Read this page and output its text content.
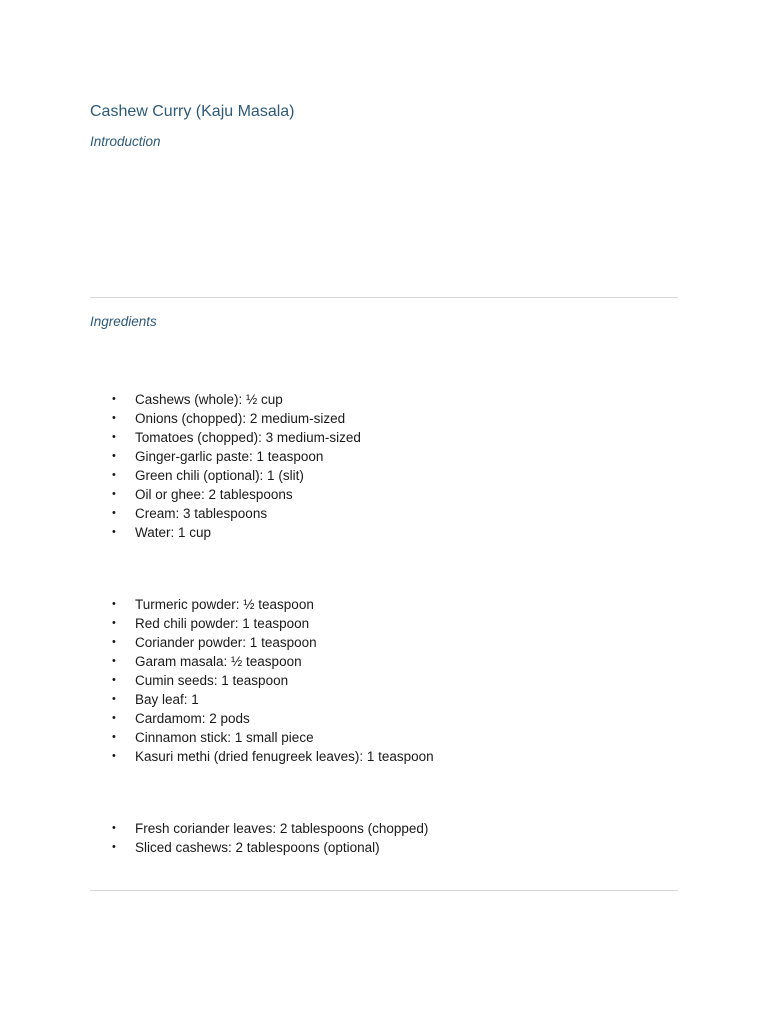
Cashew Curry (Kaju Masala)
Introduction
Ingredients
• Cashews (whole): ½ cup
• Onions (chopped): 2 medium-sized
• Tomatoes (chopped): 3 medium-sized
• Ginger-garlic paste: 1 teaspoon
• Green chili (optional): 1 (slit)
• Oil or ghee: 2 tablespoons
• Cream: 3 tablespoons
• Water: 1 cup
• Turmeric powder: ½ teaspoon
• Red chili powder: 1 teaspoon
• Coriander powder: 1 teaspoon
• Garam masala: ½ teaspoon
• Cumin seeds: 1 teaspoon
• Bay leaf: 1
• Cardamom: 2 pods
• Cinnamon stick: 1 small piece
• Kasuri methi (dried fenugreek leaves): 1 teaspoon
• Fresh coriander leaves: 2 tablespoons (chopped)
• Sliced cashews: 2 tablespoons (optional)
